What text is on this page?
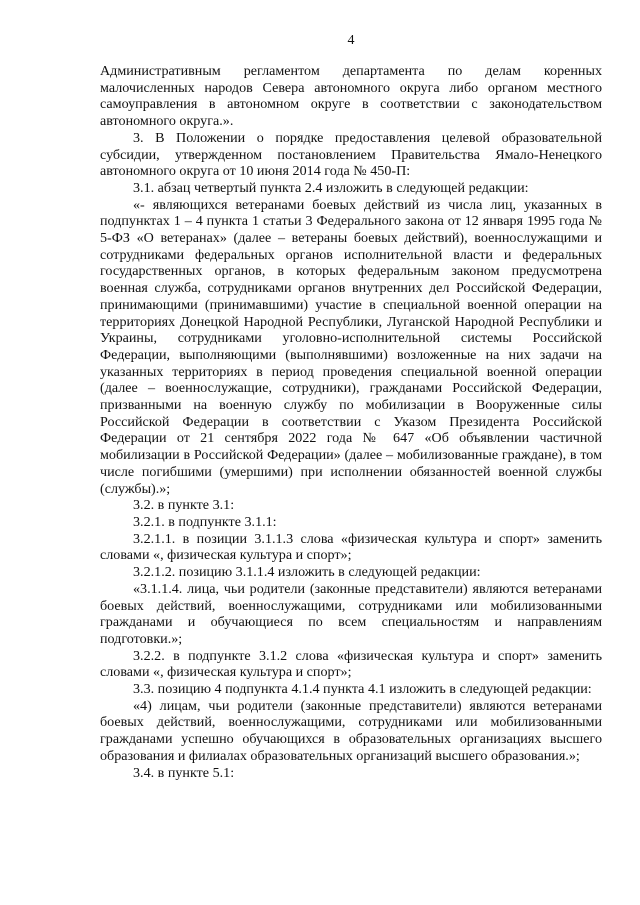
4

Административным регламентом департамента по делам коренных малочисленных народов Севера автономного округа либо органом местного самоуправления в автономном округе в соответствии с законодательством автономного округа.».

3. В Положении о порядке предоставления целевой образовательной субсидии, утвержденном постановлением Правительства Ямало-Ненецкого автономного округа от 10 июня 2014 года № 450-П:

3.1. абзац четвертый пункта 2.4 изложить в следующей редакции:

«- являющихся ветеранами боевых действий из числа лиц, указанных в подпунктах 1 – 4 пункта 1 статьи 3 Федерального закона от 12 января 1995 года № 5-ФЗ «О ветеранах» (далее – ветераны боевых действий), военнослужащими и сотрудниками федеральных органов исполнительной власти и федеральных государственных органов, в которых федеральным законом предусмотрена военная служба, сотрудниками органов внутренних дел Российской Федерации, принимающими (принимавшими) участие в специальной военной операции на территориях Донецкой Народной Республики, Луганской Народной Республики и Украины, сотрудниками уголовно-исполнительной системы Российской Федерации, выполняющими (выполнявшими) возложенные на них задачи на указанных территориях в период проведения специальной военной операции (далее – военнослужащие, сотрудники), гражданами Российской Федерации, призванными на военную службу по мобилизации в Вооруженные силы Российской Федерации в соответствии с Указом Президента Российской Федерации от 21 сентября 2022 года № 647 «Об объявлении частичной мобилизации в Российской Федерации» (далее – мобилизованные граждане), в том числе погибшими (умершими) при исполнении обязанностей военной службы (службы).»;

3.2. в пункте 3.1:

3.2.1. в подпункте 3.1.1:

3.2.1.1. в позиции 3.1.1.3 слова «физическая культура и спорт» заменить словами «, физическая культура и спорт»;

3.2.1.2. позицию 3.1.1.4 изложить в следующей редакции:

«3.1.1.4. лица, чьи родители (законные представители) являются ветеранами боевых действий, военнослужащими, сотрудниками или мобилизованными гражданами и обучающиеся по всем специальностям и направлениям подготовки.»;

3.2.2. в подпункте 3.1.2 слова «физическая культура и спорт» заменить словами «, физическая культура и спорт»;

3.3. позицию 4 подпункта 4.1.4 пункта 4.1 изложить в следующей редакции:

«4) лицам, чьи родители (законные представители) являются ветеранами боевых действий, военнослужащими, сотрудниками или мобилизованными гражданами успешно обучающихся в образовательных организациях высшего образования и филиалах образовательных организаций высшего образования.»;

3.4. в пункте 5.1:
